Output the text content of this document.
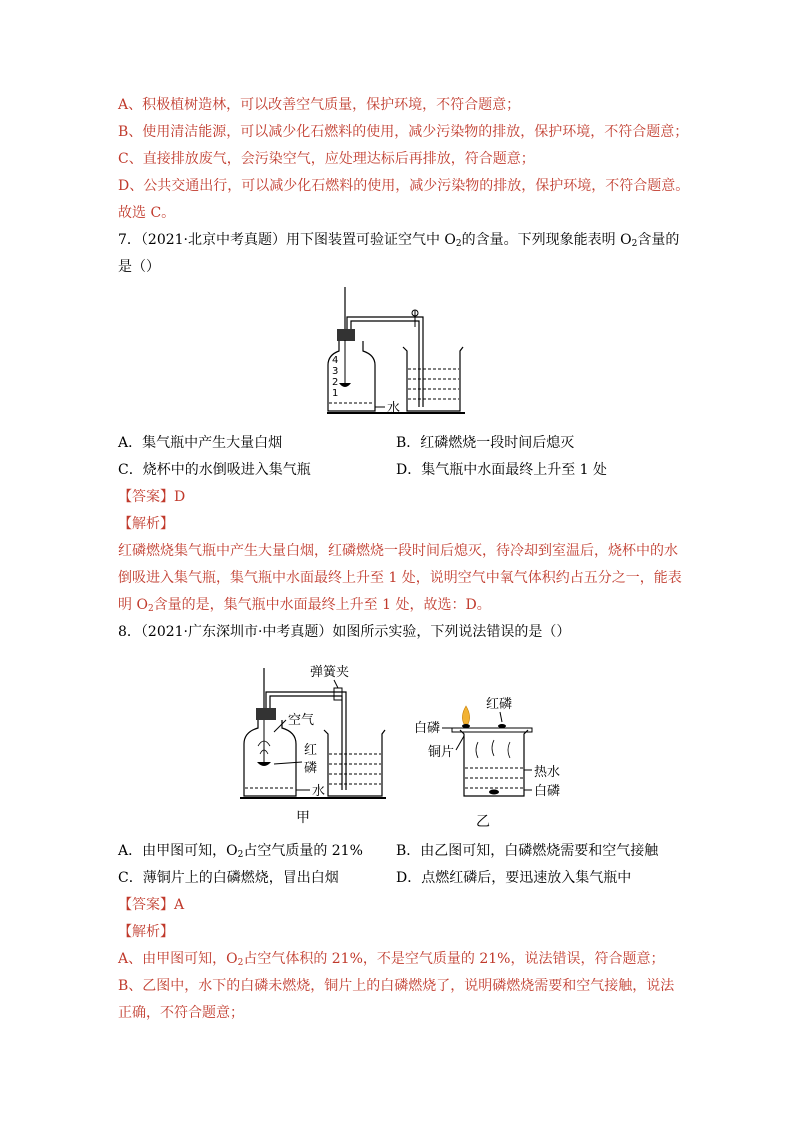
A、积极植树造林，可以改善空气质量，保护环境，不符合题意；
B、使用清洁能源，可以减少化石燃料的使用，减少污染物的排放，保护环境，不符合题意；
C、直接排放废气，会污染空气，应处理达标后再排放，符合题意；
D、公共交通出行，可以减少化石燃料的使用，减少污染物的排放，保护环境，不符合题意。
故选 C。
7．（2021·北京中考真题）用下图装置可验证空气中 $O_2$的含量。下列现象能表明 $O_2$含量的
是（）
4
3
2
1
水
A．集气瓶中产生大量白烟	B．红磷燃烧一段时间后熄灭
C．烧杯中的水倒吸进入集气瓶	D．集气瓶中水面最终上升至 1 处
【答案】D
【解析】
红磷燃烧集气瓶中产生大量白烟，红磷燃烧一段时间后熄灭，待冷却到室温后，烧杯中的水
倒吸进入集气瓶，集气瓶中水面最终上升至 1 处，说明空气中氧气体积约占五分之一，能表
明 $O_2$含量的是，集气瓶中水面最终上升至 1 处，故选：D。
8．（2021·广东深圳市·中考真题）如图所示实验，下列说法错误的是（）
弹簧夹
空气
红
磷
水
甲
红磷
白磷
铜片
热水
白磷
乙
A．由甲图可知，$O_2$占空气质量的 21% B．由乙图可知，白磷燃烧需要和空气接触
C．薄铜片上的白磷燃烧，冒出白烟	D．点燃红磷后，要迅速放入集气瓶中
【答案】A
【解析】
A、由甲图可知，$O_2$占空气体积的 21%，不是空气质量的 21%，说法错误，符合题意；
B、乙图中，水下的白磷未燃烧，铜片上的白磷燃烧了，说明磷燃烧需要和空气接触，说法
正确，不符合题意；
